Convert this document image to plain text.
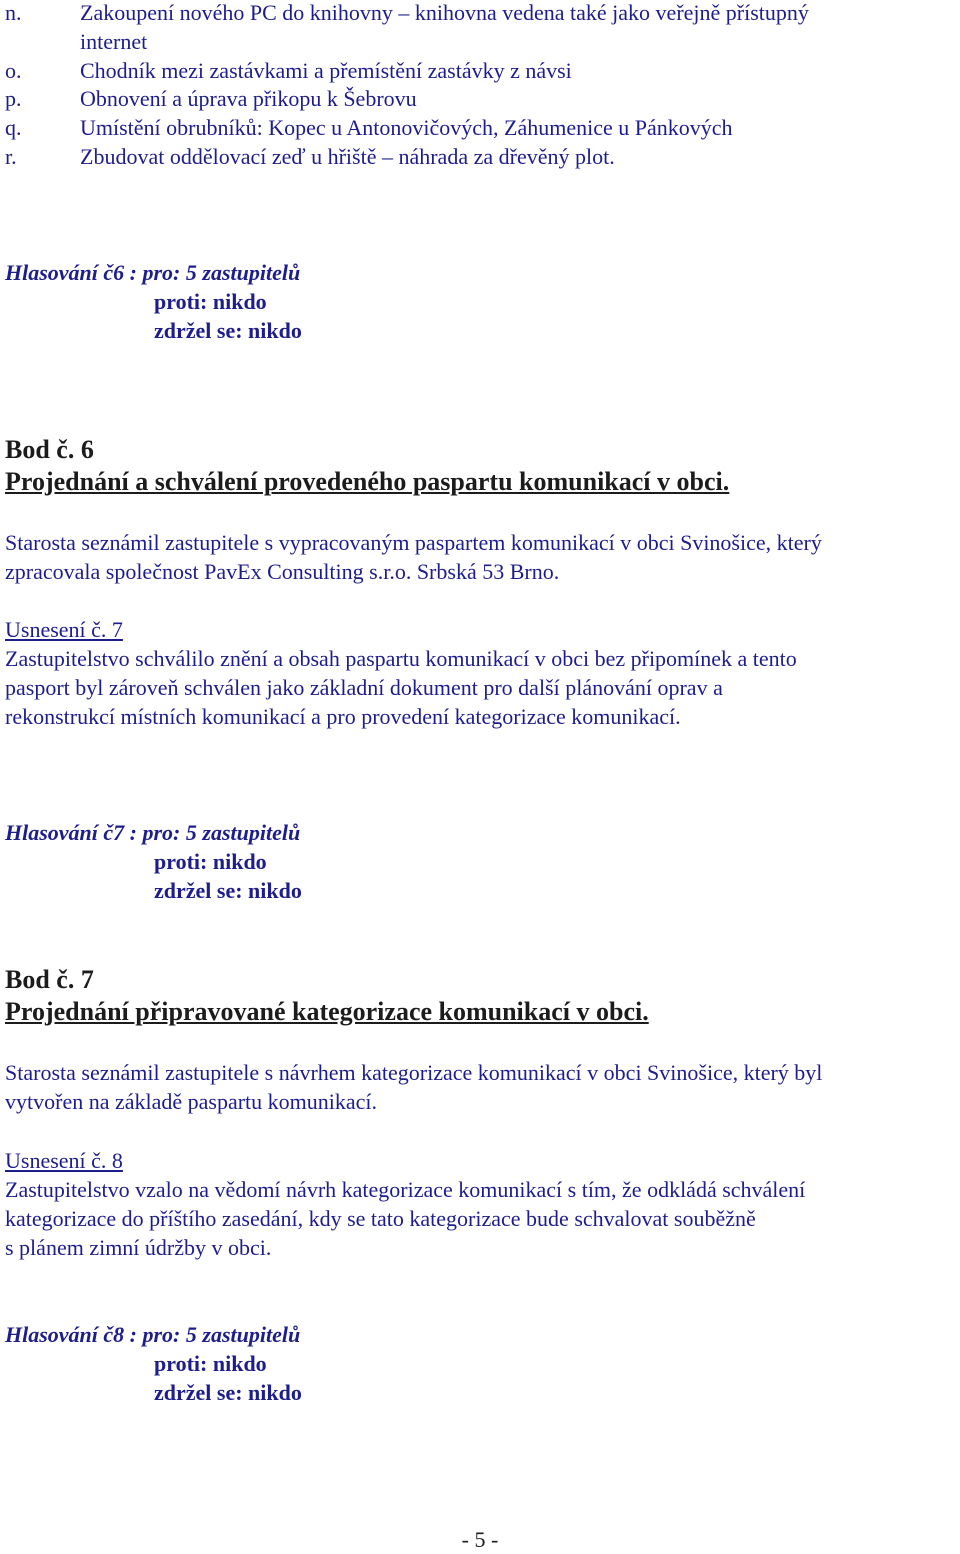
n.	Zakoupení nového PC do knihovny – knihovna vedena také jako veřejně přístupný
internet
o.	Chodník mezi zastávkami a přemístění zastávky z návsi
p.	Obnovení a úprava přikopu k Šebrovu
q.	Umístění obrubníků: Kopec u Antonovičových, Záhumenice u Pánkových
r.	Zbudovat oddělovací zeď u hřiště – náhrada za dřevěný plot.
Hlasování č6 : pro: 5 zastupitelů
proti: nikdo
zdržel se: nikdo
Bod č. 6
Projednání a schválení provedeného paspartu komunikací v obci.
Starosta seznámil zastupitele s vypracovaným paspartem komunikací v obci Svinošice, který
zpracovala společnost PavEx Consulting s.r.o. Srbská 53 Brno.
Usnesení č. 7
Zastupitelstvo schválilo znění a obsah paspartu komunikací v obci bez připomínek a tento
pasport byl zároveň schválen jako základní dokument pro další plánování oprav a
rekonstrukcí místních komunikací a pro provedení kategorizace komunikací.
Hlasování č7 : pro: 5 zastupitelů
proti: nikdo
zdržel se: nikdo
Bod č. 7
Projednání připravované kategorizace komunikací v obci.
Starosta seznámil zastupitele s návrhem kategorizace komunikací v obci Svinošice, který byl
vytvořen na základě paspartu komunikací.
Usnesení č. 8
Zastupitelstvo vzalo na vědomí návrh kategorizace komunikací s tím, že odkládá schválení
kategorizace do příštího zasedání, kdy se tato kategorizace bude schvalovat souběžně
s plánem zimní údržby v obci.
Hlasování č8 : pro: 5 zastupitelů
proti: nikdo
zdržel se: nikdo
- 5 -
